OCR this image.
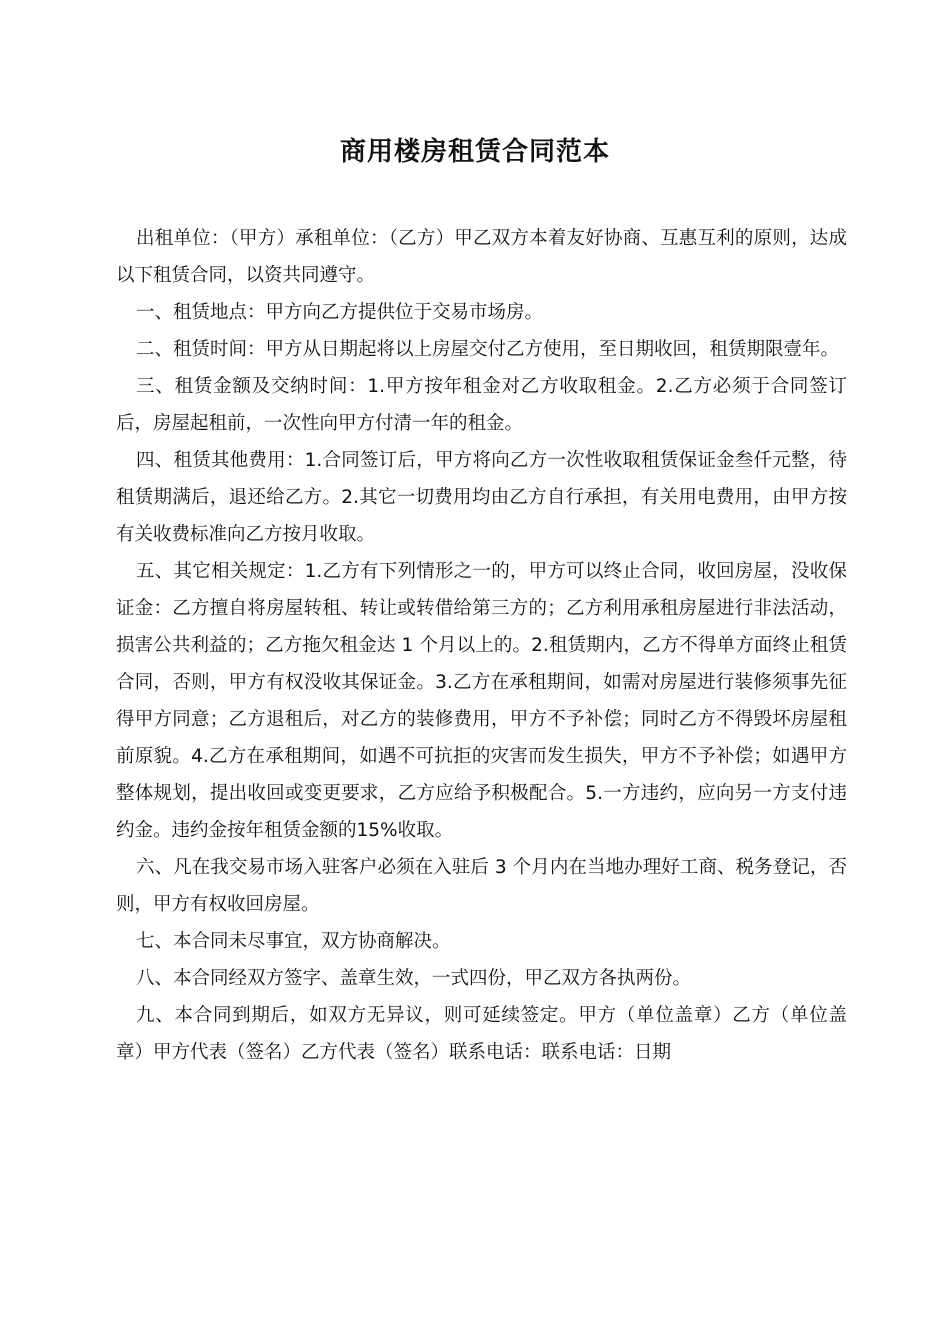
商用楼房租赁合同范本

出租单位：（甲方）承租单位：（乙方）甲乙双方本着友好协商、互惠互利的原则，达成以下租赁合同，以资共同遵守。

一、租赁地点：甲方向乙方提供位于交易市场房。

二、租赁时间：甲方从日期起将以上房屋交付乙方使用，至日期收回，租赁期限壹年。

三、租赁金额及交纳时间：1.甲方按年租金对乙方收取租金。2.乙方必须于合同签订后，房屋起租前，一次性向甲方付清一年的租金。

四、租赁其他费用：1.合同签订后，甲方将向乙方一次性收取租赁保证金叁仟元整，待租赁期满后，退还给乙方。2.其它一切费用均由乙方自行承担，有关用电费用，由甲方按有关收费标准向乙方按月收取。

五、其它相关规定：1.乙方有下列情形之一的，甲方可以终止合同，收回房屋，没收保证金：乙方擅自将房屋转租、转让或转借给第三方的；乙方利用承租房屋进行非法活动，损害公共利益的；乙方拖欠租金达 1 个月以上的。2.租赁期内，乙方不得单方面终止租赁合同，否则，甲方有权没收其保证金。3.乙方在承租期间，如需对房屋进行装修须事先征得甲方同意；乙方退租后，对乙方的装修费用，甲方不予补偿；同时乙方不得毁坏房屋租前原貌。4.乙方在承租期间，如遇不可抗拒的灾害而发生损失，甲方不予补偿；如遇甲方整体规划，提出收回或变更要求，乙方应给予积极配合。5.一方违约，应向另一方支付违约金。违约金按年租赁金额的15%收取。

六、凡在我交易市场入驻客户必须在入驻后 3 个月内在当地办理好工商、税务登记，否则，甲方有权收回房屋。

七、本合同未尽事宜，双方协商解决。

八、本合同经双方签字、盖章生效，一式四份，甲乙双方各执两份。

九、本合同到期后，如双方无异议，则可延续签定。甲方（单位盖章）乙方（单位盖章）甲方代表（签名）乙方代表（签名）联系电话：联系电话：日期
